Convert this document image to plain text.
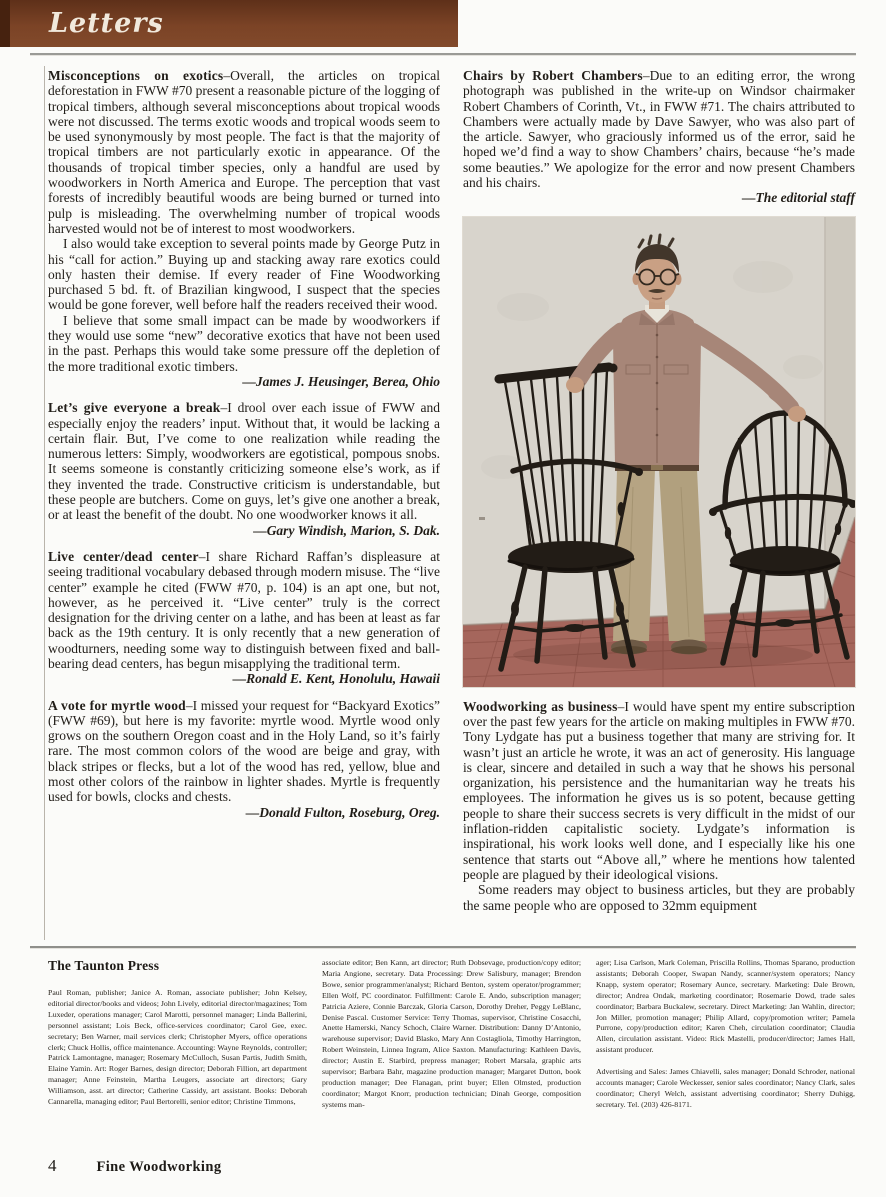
Letters

Misconceptions on exotics–Overall, the articles on tropical deforestation in FWW #70 present a reasonable picture of the logging of tropical timbers, although several misconceptions about tropical woods were not discussed. The terms exotic woods and tropical woods seem to be used synonymously by most people. The fact is that the majority of tropical timbers are not particularly exotic in appearance. Of the thousands of tropical timber species, only a handful are used by woodworkers in North America and Europe. The perception that vast forests of incredibly beautiful woods are being burned or turned into pulp is misleading. The overwhelming number of tropical woods harvested would not be of interest to most woodworkers.

I also would take exception to several points made by George Putz in his “call for action.” Buying up and stacking away rare exotics could only hasten their demise. If every reader of Fine Woodworking purchased 5 bd. ft. of Brazilian kingwood, I suspect that the species would be gone forever, well before half the readers received their wood.

I believe that some small impact can be made by woodworkers if they would use some “new” decorative exotics that have not been used in the past. Perhaps this would take some pressure off the depletion of the more traditional exotic timbers.

—James J. Heusinger, Berea, Ohio

Let’s give everyone a break–I drool over each issue of FWW and especially enjoy the readers’ input. Without that, it would be lacking a certain flair. But, I’ve come to one realization while reading the numerous letters: Simply, woodworkers are egotistical, pompous snobs. It seems someone is constantly criticizing someone else’s work, as if they invented the trade. Constructive criticism is understandable, but these people are butchers. Come on guys, let’s give one another a break, or at least the benefit of the doubt. No one woodworker knows it all.

—Gary Windish, Marion, S. Dak.

Live center/dead center–I share Richard Raffan’s displeasure at seeing traditional vocabulary debased through modern misuse. The “live center” example he cited (FWW #70, p. 104) is an apt one, but not, however, as he perceived it. “Live center” truly is the correct designation for the driving center on a lathe, and has been at least as far back as the 19th century. It is only recently that a new generation of woodturners, needing some way to distinguish between fixed and ball-bearing dead centers, has begun misapplying the traditional term.

—Ronald E. Kent, Honolulu, Hawaii

A vote for myrtle wood–I missed your request for “Backyard Exotics” (FWW #69), but here is my favorite: myrtle wood. Myrtle wood only grows on the southern Oregon coast and in the Holy Land, so it’s fairly rare. The most common colors of the wood are beige and gray, with black stripes or flecks, but a lot of the wood has red, yellow, blue and most other colors of the rainbow in lighter shades. Myrtle is frequently used for bowls, clocks and chests.

—Donald Fulton, Roseburg, Oreg.

Chairs by Robert Chambers–Due to an editing error, the wrong photograph was published in the write-up on Windsor chairmaker Robert Chambers of Corinth, Vt., in FWW #71. The chairs attributed to Chambers were actually made by Dave Sawyer, who was also part of the article. Sawyer, who graciously informed us of the error, said he hoped we’d find a way to show Chambers’ chairs, because “he’s made some beauties.” We apologize for the error and now present Chambers and his chairs.

—The editorial staff

Woodworking as business–I would have spent my entire subscription over the past few years for the article on making multiples in FWW #70. Tony Lydgate has put a business together that many are striving for. It wasn’t just an article he wrote, it was an act of generosity. His language is clear, sincere and detailed in such a way that he shows his personal organization, his persistence and the humanitarian way he treats his employees. The information he gives us is so potent, because getting people to share their success secrets is very difficult in the midst of our inflation-ridden capitalistic society. Lydgate’s information is inspirational, his work looks well done, and I especially like his one sentence that starts out “Above all,” where he mentions how talented people are plagued by their ideological visions.

Some readers may object to business articles, but they are probably the same people who are opposed to 32mm equipment

The Taunton Press

Paul Roman, publisher; Janice A. Roman, associate publisher; John Kelsey, editorial director/books and videos; John Lively, editorial director/magazines; Tom Luxeder, operations manager; Carol Marotti, personnel manager; Linda Ballerini, personnel assistant; Lois Beck, office-services coordinator; Carol Gee, exec. secretary; Ben Warner, mail services clerk; Christopher Myers, office operations clerk; Chuck Hollis, office maintenance. Accounting: Wayne Reynolds, controller; Patrick Lamontagne, manager; Rosemary McCulloch, Susan Partis, Judith Smith, Elaine Yamin. Art: Roger Barnes, design director; Deborah Fillion, art department manager; Anne Feinstein, Martha Leugers, associate art directors; Gary Williamson, asst. art director; Catherine Cassidy, art assistant. Books: Deborah Cannarella, managing editor; Paul Bertorelli, senior editor; Christine Timmons,

associate editor; Ben Kann, art director; Ruth Dobsevage, production/copy editor; Maria Angione, secretary. Data Processing: Drew Salisbury, manager; Brendon Bowe, senior programmer/analyst; Richard Benton, system operator/programmer; Ellen Wolf, PC coordinator. Fulfillment: Carole E. Ando, subscription manager; Patricia Aziere, Connie Barczak, Gloria Carson, Dorothy Dreher, Peggy LeBlanc, Denise Pascal. Customer Service: Terry Thomas, supervisor, Christine Cosacchi, Anette Hamerski, Nancy Schoch, Claire Warner. Distribution: Danny D’Antonio, warehouse supervisor; David Blasko, Mary Ann Costagliola, Timothy Harrington, Robert Weinstein, Linnea Ingram, Alice Saxton. Manufacturing: Kathleen Davis, director; Austin E. Starbird, prepress manager; Robert Marsala, graphic arts supervisor; Barbara Bahr, magazine production manager; Margaret Dutton, book production manager; Dee Flanagan, print buyer; Ellen Olmsted, production coordinator; Margot Knorr, production technician; Dinah George, composition systems man-

ager; Lisa Carlson, Mark Coleman, Priscilla Rollins, Thomas Sparano, production assistants; Deborah Cooper, Swapan Nandy, scanner/system operators; Nancy Knapp, system operator; Rosemary Aunce, secretary. Marketing: Dale Brown, director; Andrea Ondak, marketing coordinator; Rosemarie Dowd, trade sales coordinator; Barbara Buckalew, secretary. Direct Marketing: Jan Wahlin, director; Jon Miller, promotion manager; Philip Allard, copy/promotion writer; Pamela Purrone, copy/production editor; Karen Cheh, circulation coordinator; Claudia Allen, circulation assistant. Video: Rick Mastelli, producer/director; James Hall, assistant producer.

Advertising and Sales: James Chiavelli, sales manager; Donald Schroder, national accounts manager; Carole Weckesser, senior sales coordinator; Nancy Clark, sales coordinator; Cheryl Welch, assistant advertising coordinator; Sherry Duhigg, secretary. Tel. (203) 426-8171.

4	Fine Woodworking
